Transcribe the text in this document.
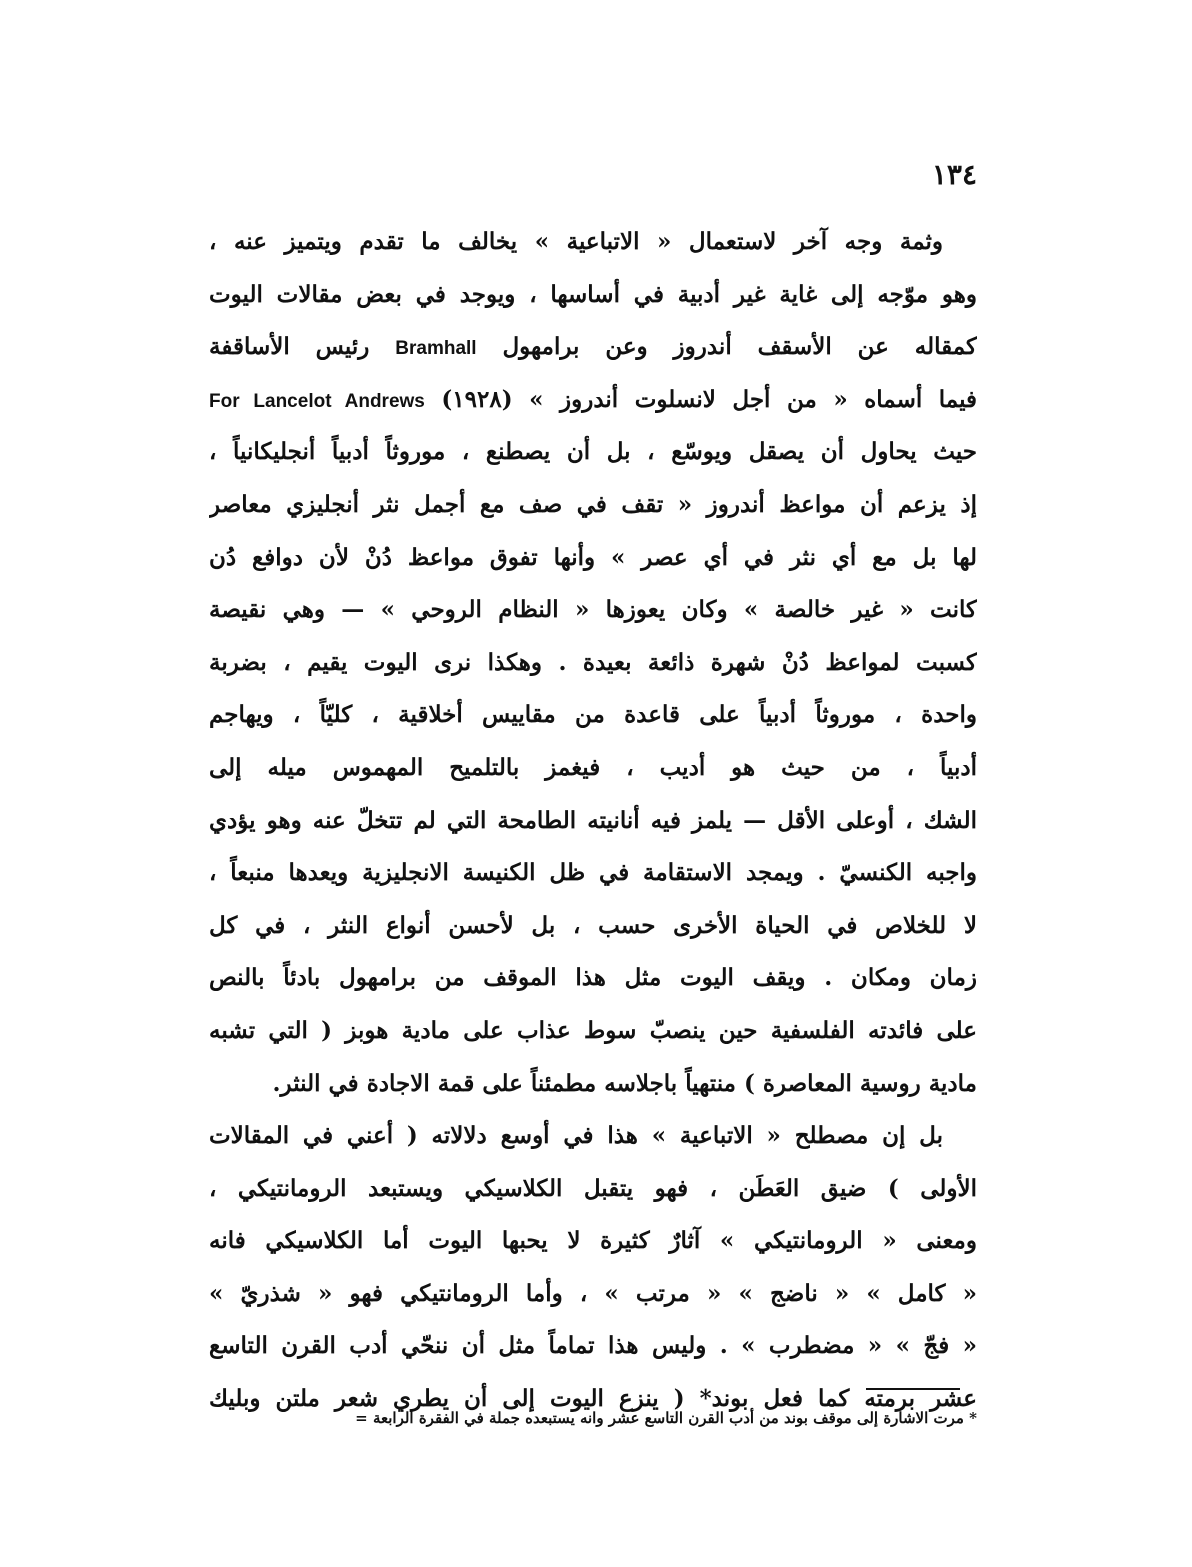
١٣٤
وثمة وجه آخر لاستعمال « الاتباعية » يخالف ما تقدم ويتميز عنه ،
وهو موّجه إلى غاية غير أدبية في أساسها ، ويوجد في بعض مقالات اليوت
كمقاله عن الأسقف أندروز وعن برامهول Bramhall رئيس الأساقفة
فيما أسماه « من أجل لانسلوت أندروز » (١٩٢٨) For Lancelot Andrews
حيث يحاول أن يصقل ويوسّع ، بل أن يصطنع ، موروثاً أدبياً أنجليكانياً ،
إذ يزعم أن مواعظ أندروز « تقف في صف مع أجمل نثر أنجليزي معاصر
لها بل مع أي نثر في أي عصر » وأنها تفوق مواعظ دُنْ لأن دوافع دُن
كانت « غير خالصة » وكان يعوزها « النظام الروحي » — وهي نقيصة
كسبت لمواعظ دُنْ شهرة ذائعة بعيدة . وهكذا نرى اليوت يقيم ، بضربة
واحدة ، موروثاً أدبياً على قاعدة من مقاييس أخلاقية ، كليّاً ، ويهاجم
أدبياً ، من حيث هو أديب ، فيغمز بالتلميح المهموس ميله إلى
الشك ، أوعلى الأقل — يلمز فيه أنانيته الطامحة التي لم تتخلّ عنه وهو يؤدي
واجبه الكنسيّ . ويمجد الاستقامة في ظل الكنيسة الانجليزية ويعدها منبعاً ،
لا للخلاص في الحياة الأخرى حسب ، بل لأحسن أنواع النثر ، في كل
زمان ومكان . ويقف اليوت مثل هذا الموقف من برامهول بادئاً بالنص
على فائدته الفلسفية حين ينصبّ سوط عذاب على مادية هوبز ( التي تشبه
مادية روسية المعاصرة ) منتهياً باجلاسه مطمئناً على قمة الاجادة في النثر.
بل إن مصطلح « الاتباعية » هذا في أوسع دلالاته ( أعني في المقالات
الأولى ) ضيق العَطَن ، فهو يتقبل الكلاسيكي ويستبعد الرومانتيكي ،
ومعنى « الرومانتيكي » آثارٌ كثيرة لا يحبها اليوت أما الكلاسيكي فانه
« كامل » « ناضج » « مرتب » ، وأما الرومانتيكي فهو « شذريّ »
« فجّ » « مضطرب » . وليس هذا تماماً مثل أن ننحّي أدب القرن التاسع
عشر برمته كما فعل بوند* ( ينزع اليوت إلى أن يطري شعر ملتن وبليك
* مرت الاشارة إلى موقف بوند من أدب القرن التاسع عشر وانه يستبعده جملة في الفقرة الرابعة =
